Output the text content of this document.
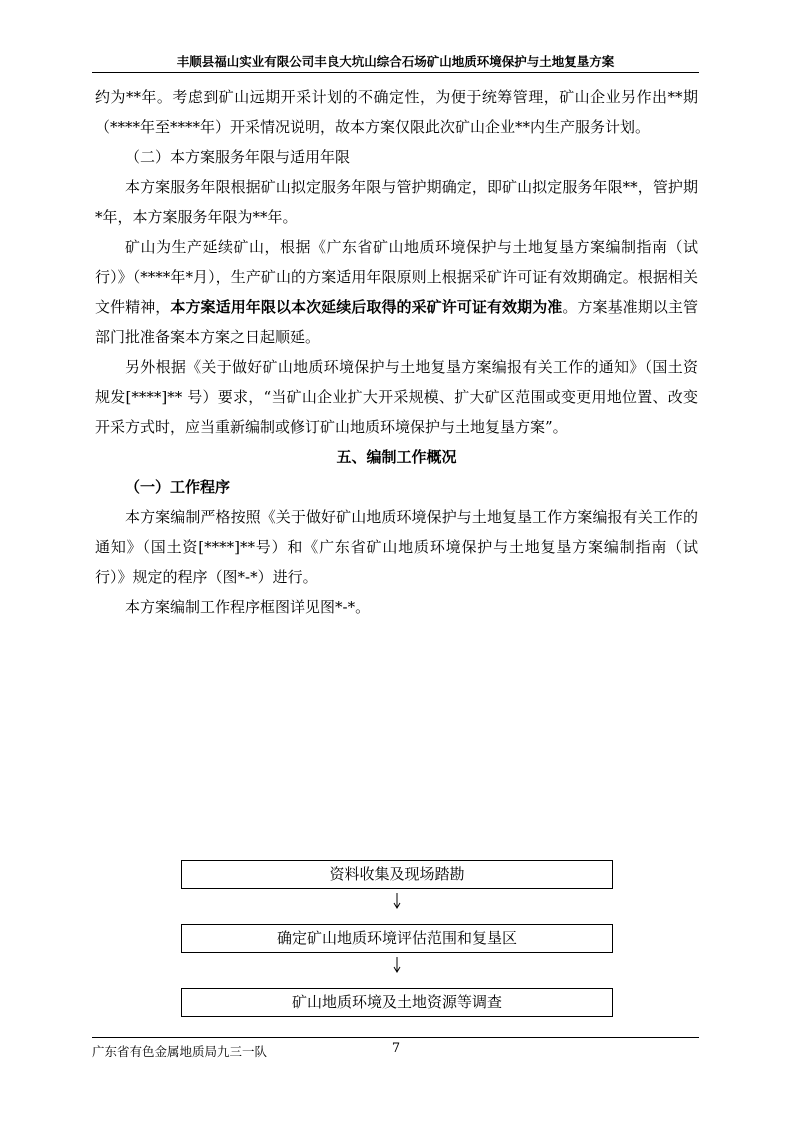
丰顺县福山实业有限公司丰良大坑山综合石场矿山地质环境保护与土地复垦方案

约为**年。考虑到矿山远期开采计划的不确定性，为便于统筹管理，矿山企业另作出**期（****年至****年）开采情况说明，故本方案仅限此次矿山企业**内生产服务计划。

（二）本方案服务年限与适用年限

本方案服务年限根据矿山拟定服务年限与管护期确定，即矿山拟定服务年限**，管护期*年，本方案服务年限为**年。

矿山为生产延续矿山，根据《广东省矿山地质环境保护与土地复垦方案编制指南（试行）》（****年*月），生产矿山的方案适用年限原则上根据采矿许可证有效期确定。根据相关文件精神，本方案适用年限以本次延续后取得的采矿许可证有效期为准。方案基准期以主管部门批准备案本方案之日起顺延。

另外根据《关于做好矿山地质环境保护与土地复垦方案编报有关工作的通知》（国土资规发[****]** 号）要求，“当矿山企业扩大开采规模、扩大矿区范围或变更用地位置、改变开采方式时，应当重新编制或修订矿山地质环境保护与土地复垦方案”。

五、编制工作概况

（一）工作程序

本方案编制严格按照《关于做好矿山地质环境保护与土地复垦工作方案编报有关工作的通知》（国土资[****]**号）和《广东省矿山地质环境保护与土地复垦方案编制指南（试行）》规定的程序（图*-*）进行。

本方案编制工作程序框图详见图*-*。

资料收集及现场踏勘
确定矿山地质环境评估范围和复垦区
矿山地质环境及土地资源等调查
广东省有色金属地质局九三一队	7
